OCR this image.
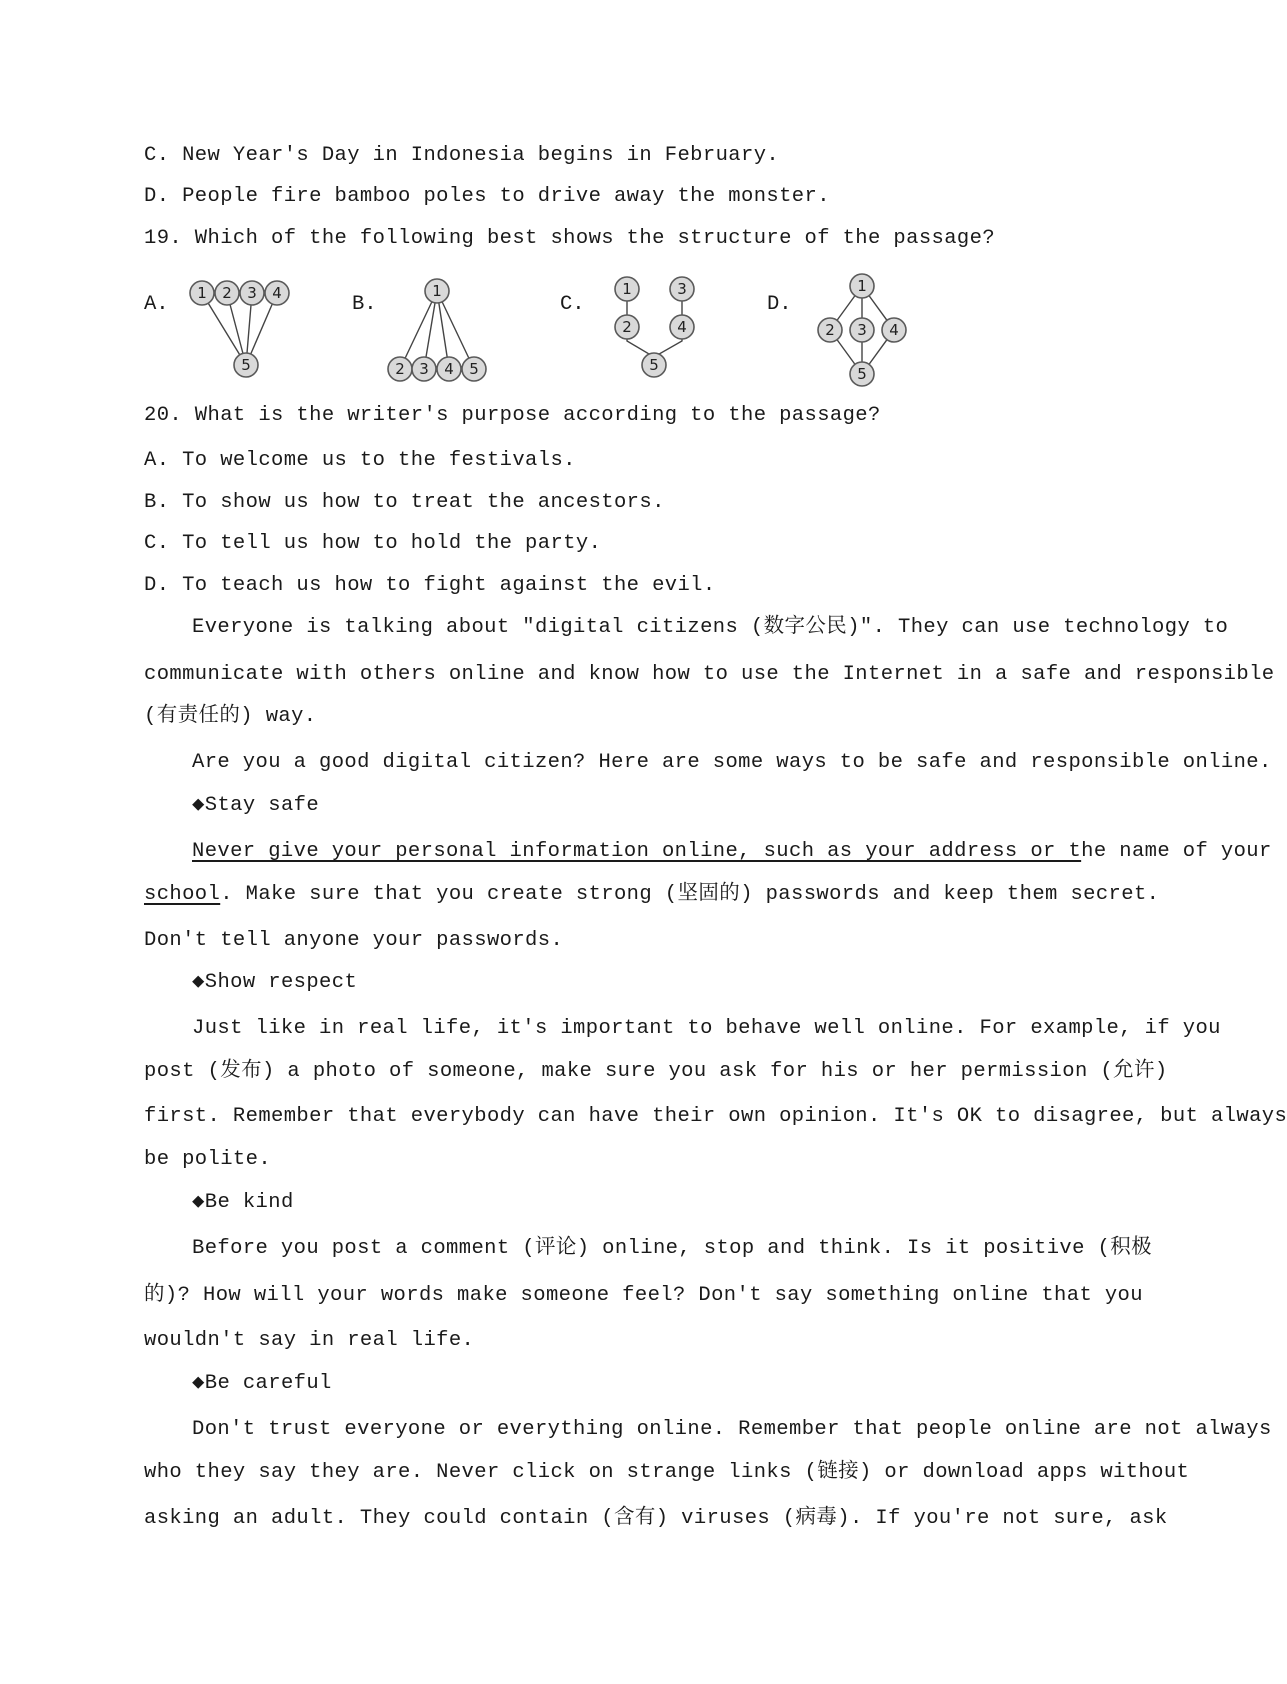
C. New Year's Day in Indonesia begins in February.
D. People fire bamboo poles to drive away the monster.
19. Which of the following best shows the structure of the passage?
A. 1 2 3 4
5
B.
1
2 3 4 5
C.
1	3
2	4
5
D.
1
2 3 4
5
20. What is the writer's purpose according to the passage?
A. To welcome us to the festivals.
B. To show us how to treat the ancestors.
C. To tell us how to hold the party.
D. To teach us how to fight against the evil.
Everyone is talking about "digital citizens (数字公民)". They can use technology to
communicate with others online and know how to use the Internet in a safe and responsible
(有责任的) way.
Are you a good digital citizen? Here are some ways to be safe and responsible online.
◆Stay safe
Never give your personal information online, such as your address or the name of your
school. Make sure that you create strong (坚固的) passwords and keep them secret.
Don't tell anyone your passwords.
◆Show respect
Just like in real life, it's important to behave well online. For example, if you
post (发布) a photo of someone, make sure you ask for his or her permission (允许)
first. Remember that everybody can have their own opinion. It's OK to disagree, but always
be polite.
◆Be kind
Before you post a comment (评论) online, stop and think. Is it positive (积极
的)? How will your words make someone feel? Don't say something online that you
wouldn't say in real life.
◆Be careful
Don't trust everyone or everything online. Remember that people online are not always
who they say they are. Never click on strange links (链接) or download apps without
asking an adult. They could contain (含有) viruses (病毒). If you're not sure, ask
